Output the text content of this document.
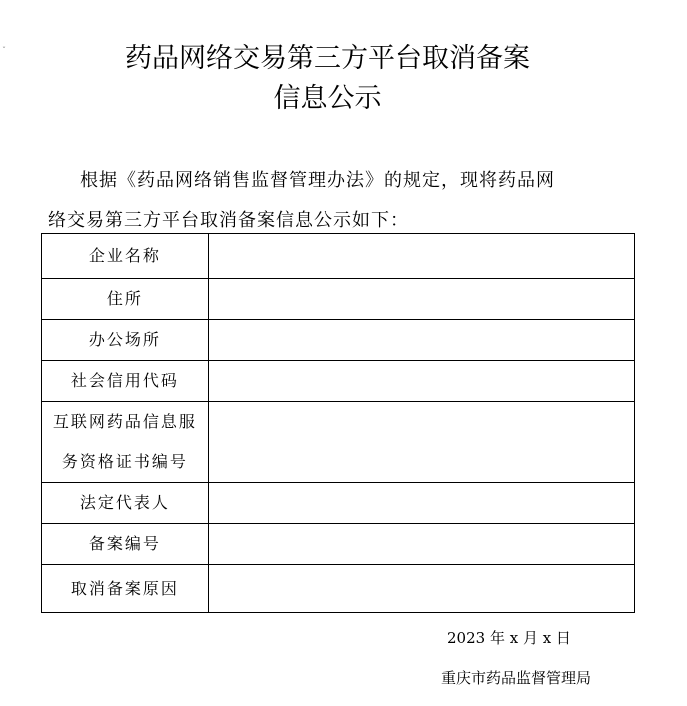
ˇ	药品网络交易第三方平台取消备案
信息公示
根据《药品网络销售监督管理办法》的规定，现将药品网
络交易第三方平台取消备案信息公示如下：
企业名称	
住所	
办公场所	
社会信用代码	

互联网药品信息服
务资格证书编号	

法定代表人	
备案编号	
取消备案原因	
2023 年 x 月 x 日
重庆市药品监督管理局
